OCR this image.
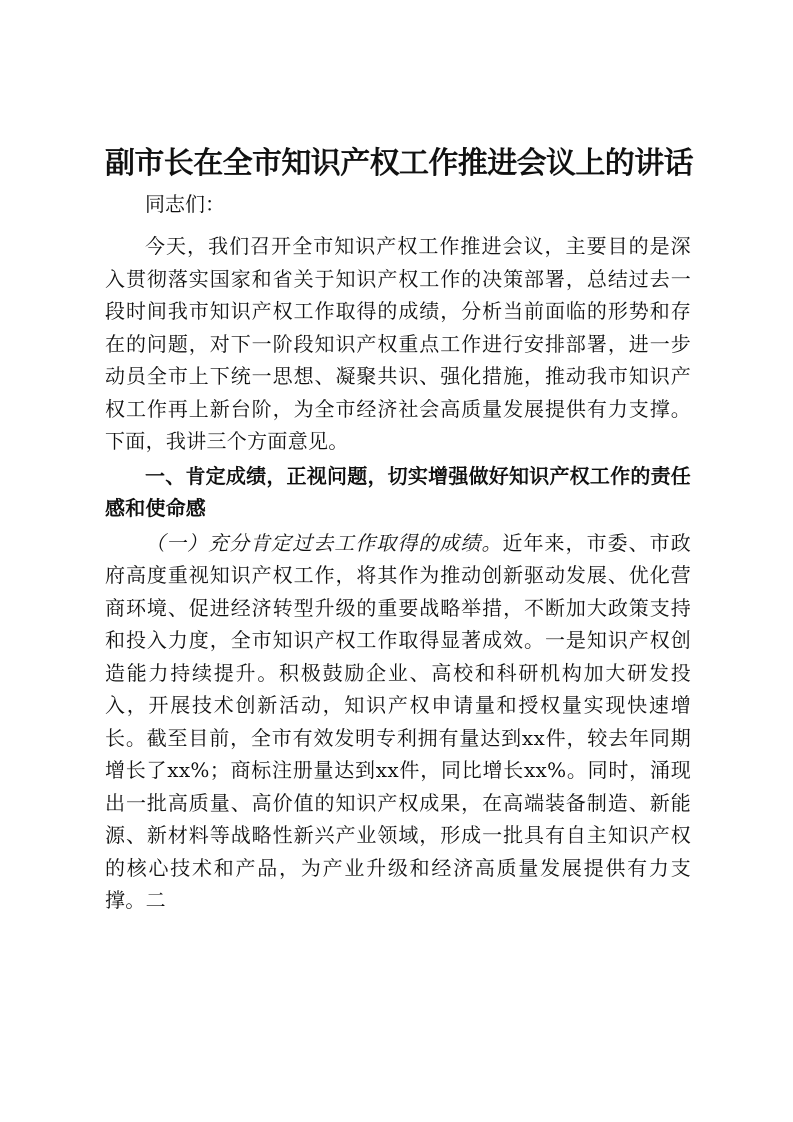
副市长在全市知识产权工作推进会议上的讲话

同志们：

今天，我们召开全市知识产权工作推进会议，主要目的是深入贯彻落实国家和省关于知识产权工作的决策部署，总结过去一段时间我市知识产权工作取得的成绩，分析当前面临的形势和存在的问题，对下一阶段知识产权重点工作进行安排部署，进一步动员全市上下统一思想、凝聚共识、强化措施，推动我市知识产权工作再上新台阶，为全市经济社会高质量发展提供有力支撑。下面，我讲三个方面意见。

一、肯定成绩，正视问题，切实增强做好知识产权工作的责任感和使命感

（一）充分肯定过去工作取得的成绩。近年来，市委、市政府高度重视知识产权工作，将其作为推动创新驱动发展、优化营商环境、促进经济转型升级的重要战略举措，不断加大政策支持和投入力度，全市知识产权工作取得显著成效。一是知识产权创造能力持续提升。积极鼓励企业、高校和科研机构加大研发投入，开展技术创新活动，知识产权申请量和授权量实现快速增长。截至目前，全市有效发明专利拥有量达到xx件，较去年同期增长了xx%；商标注册量达到xx件，同比增长xx%。同时，涌现出一批高质量、高价值的知识产权成果，在高端装备制造、新能源、新材料等战略性新兴产业领域，形成一批具有自主知识产权的核心技术和产品，为产业升级和经济高质量发展提供有力支撑。二
